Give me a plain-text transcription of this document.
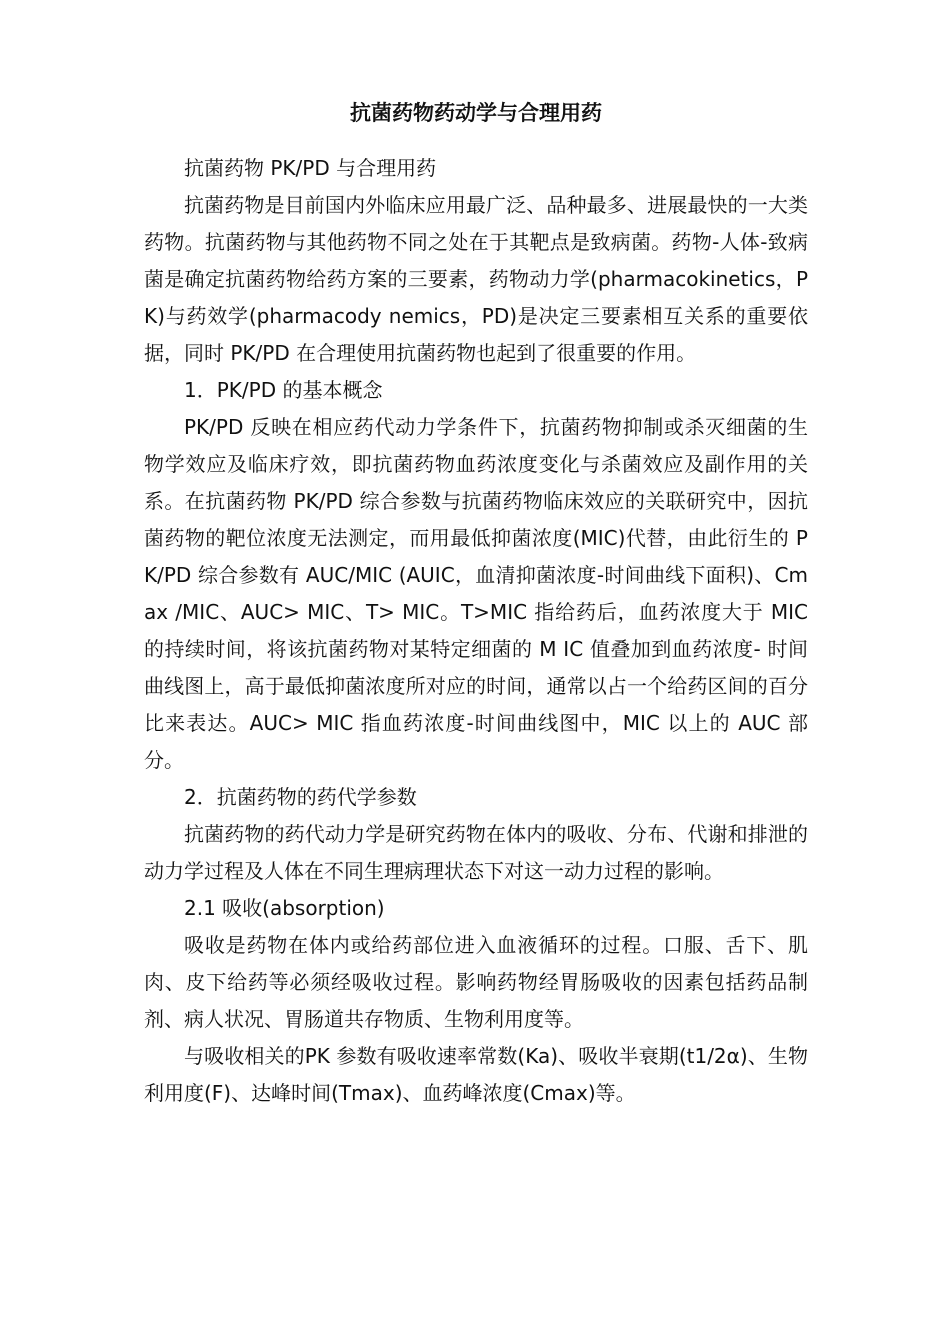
抗菌药物药动学与合理用药

抗菌药物 PK/PD 与合理用药

抗菌药物是目前国内外临床应用最广泛、品种最多、进展最快的一大类药物。抗菌药物与其他药物不同之处在于其靶点是致病菌。药物-人体-致病菌是确定抗菌药物给药方案的三要素，药物动力学(pharmacokinetics，PK)与药效学(pharmacody nemics，PD)是决定三要素相互关系的重要依据，同时 PK/PD 在合理使用抗菌药物也起到了很重要的作用。

1．PK/PD 的基本概念

PK/PD 反映在相应药代动力学条件下，抗菌药物抑制或杀灭细菌的生物学效应及临床疗效，即抗菌药物血药浓度变化与杀菌效应及副作用的关系。在抗菌药物 PK/PD 综合参数与抗菌药物临床效应的关联研究中，因抗菌药物的靶位浓度无法测定，而用最低抑菌浓度(MIC)代替，由此衍生的 PK/PD 综合参数有 AUC/MIC (AUIC，血清抑菌浓度-时间曲线下面积)、Cmax /MIC、AUC> MIC、T> MIC。T>MIC 指给药后，血药浓度大于 MIC 的持续时间，将该抗菌药物对某特定细菌的 M IC 值叠加到血药浓度- 时间曲线图上，高于最低抑菌浓度所对应的时间，通常以占一个给药区间的百分比来表达。AUC> MIC 指血药浓度-时间曲线图中，MIC 以上的 AUC 部分。

2．抗菌药物的药代学参数

抗菌药物的药代动力学是研究药物在体内的吸收、分布、代谢和排泄的动力学过程及人体在不同生理病理状态下对这一动力过程的影响。

2.1 吸收(absorption)

吸收是药物在体内或给药部位进入血液循环的过程。口服、舌下、肌肉、皮下给药等必须经吸收过程。影响药物经胃肠吸收的因素包括药品制剂、病人状况、胃肠道共存物质、生物利用度等。

与吸收相关的PK 参数有吸收速率常数(Ka)、吸收半衰期(t1/2α)、生物利用度(F)、达峰时间(Tmax)、血药峰浓度(Cmax)等。
